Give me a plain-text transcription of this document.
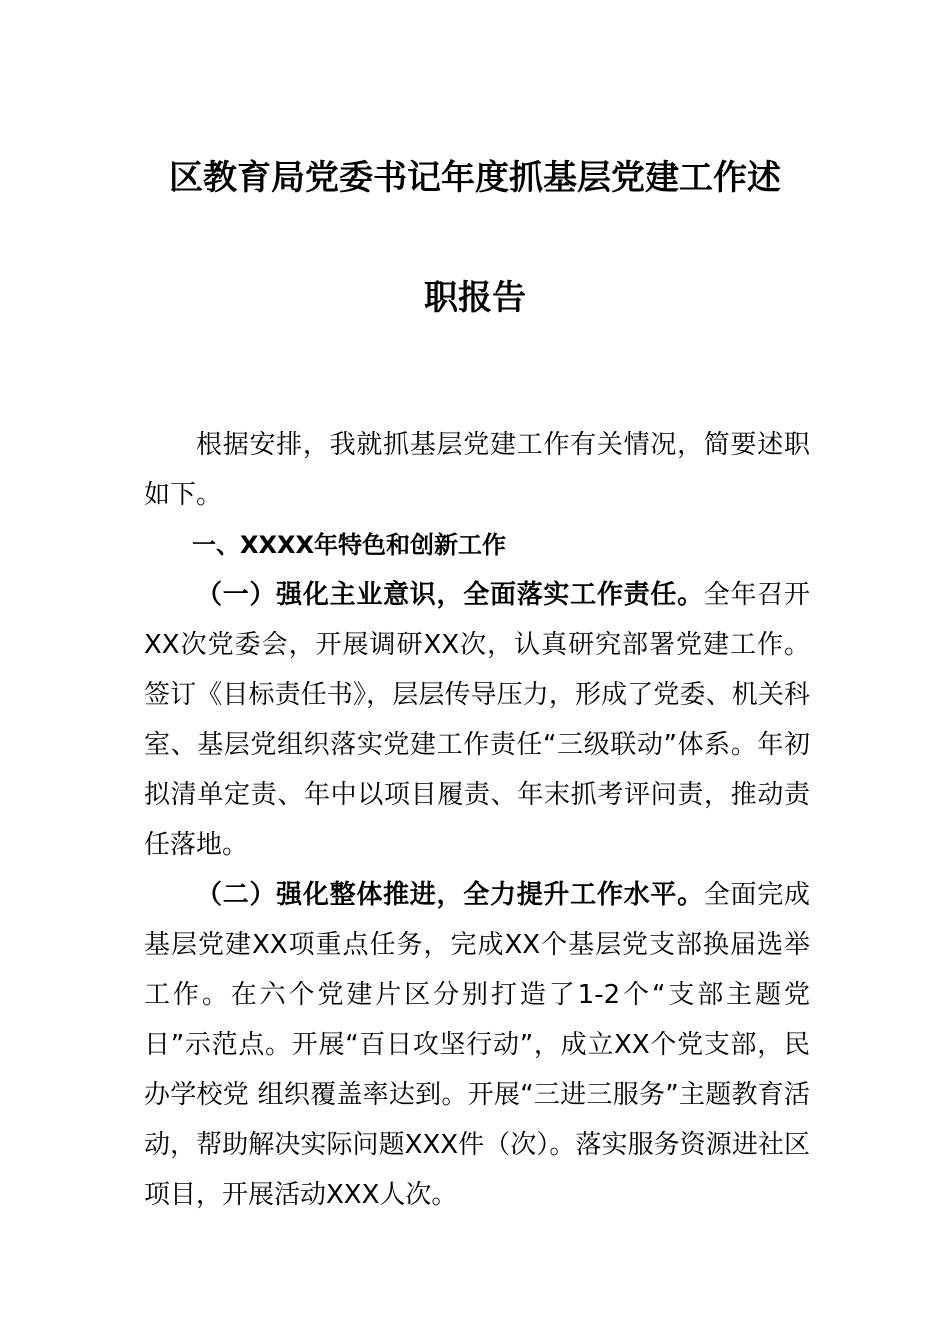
区教育局党委书记年度抓基层党建工作述
职报告

根据安排，我就抓基层党建工作有关情况，简要述职如下。

一、XXXX年特色和创新工作

（一）强化主业意识，全面落实工作责任。全年召开XX次党委会，开展调研XX次，认真研究部署党建工作。签订《目标责任书》，层层传导压力，形成了党委、机关科室、基层党组织落实党建工作责任“三级联动”体系。年初拟清单定责、年中以项目履责、年末抓考评问责，推动责任落地。

（二）强化整体推进，全力提升工作水平。全面完成基层党建XX项重点任务，完成XX个基层党支部换届选举工作。在六个党建片区分别打造了1-2个“支部主题党日”示范点。开展“百日攻坚行动”，成立XX个党支部，民办学校党 组织覆盖率达到。开展“三进三服务”主题教育活动，帮助解决实际问题XXX件（次）。落实服务资源进社区项目，开展活动XXX人次。
